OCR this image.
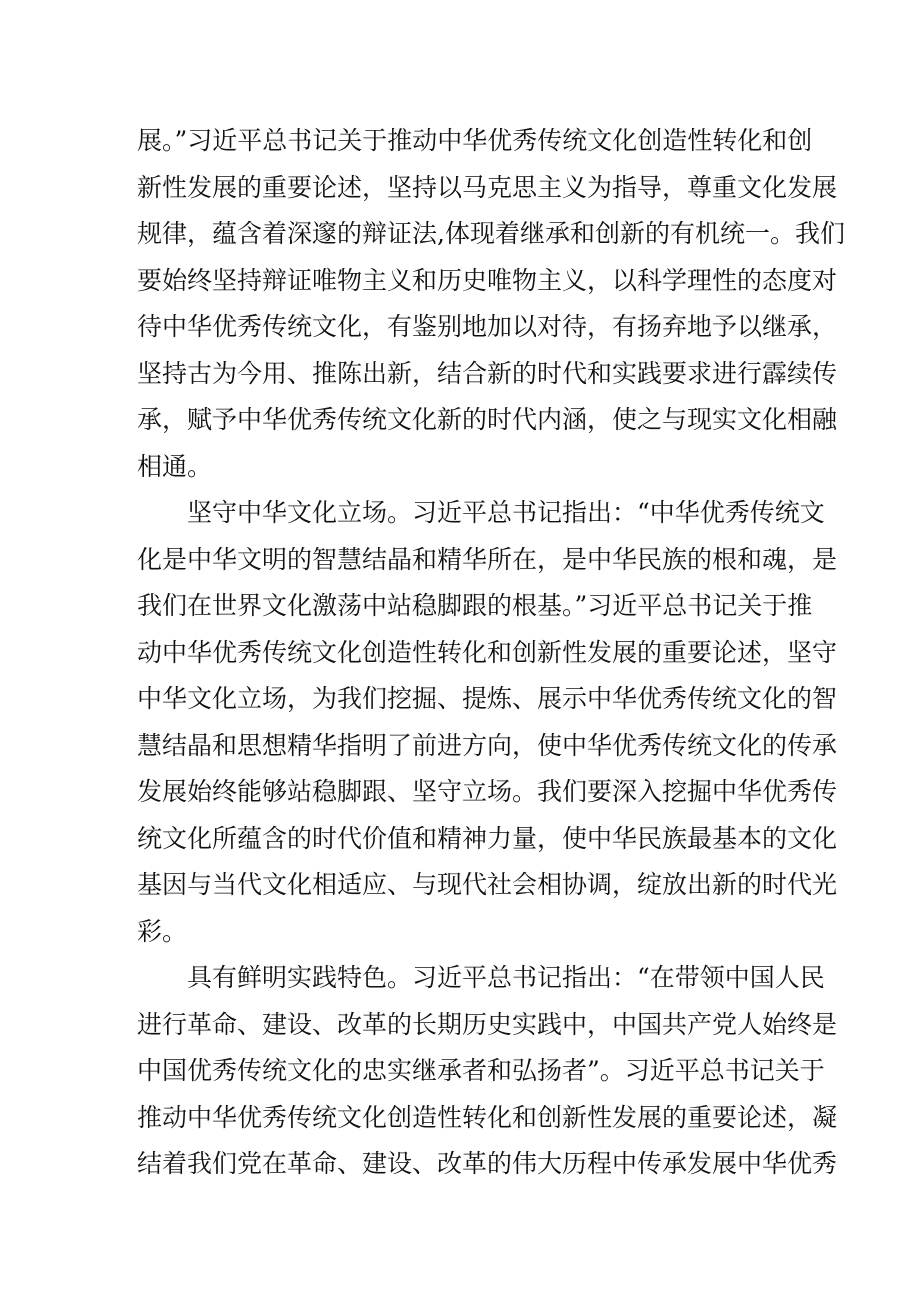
展。”习近平总书记关于推动中华优秀传统文化创造性转化和创
新性发展的重要论述，坚持以马克思主义为指导，尊重文化发展
规律，蕴含着深邃的辩证法,体现着继承和创新的有机统一。我们
要始终坚持辩证唯物主义和历史唯物主义，以科学理性的态度对
待中华优秀传统文化，有鉴别地加以对待，有扬弃地予以继承，
坚持古为今用、推陈出新，结合新的时代和实践要求进行霹续传
承，赋予中华优秀传统文化新的时代内涵，使之与现实文化相融
相通。
　　坚守中华文化立场。习近平总书记指出：“中华优秀传统文
化是中华文明的智慧结晶和精华所在，是中华民族的根和魂，是
我们在世界文化激荡中站稳脚跟的根基。”习近平总书记关于推
动中华优秀传统文化创造性转化和创新性发展的重要论述，坚守
中华文化立场，为我们挖掘、提炼、展示中华优秀传统文化的智
慧结晶和思想精华指明了前进方向，使中华优秀传统文化的传承
发展始终能够站稳脚跟、坚守立场。我们要深入挖掘中华优秀传
统文化所蕴含的时代价值和精神力量，使中华民族最基本的文化
基因与当代文化相适应、与现代社会相协调，绽放出新的时代光
彩。
　　具有鲜明实践特色。习近平总书记指出：“在带领中国人民
进行革命、建设、改革的长期历史实践中，中国共产党人始终是
中国优秀传统文化的忠实继承者和弘扬者”。习近平总书记关于
推动中华优秀传统文化创造性转化和创新性发展的重要论述，凝
结着我们党在革命、建设、改革的伟大历程中传承发展中华优秀
